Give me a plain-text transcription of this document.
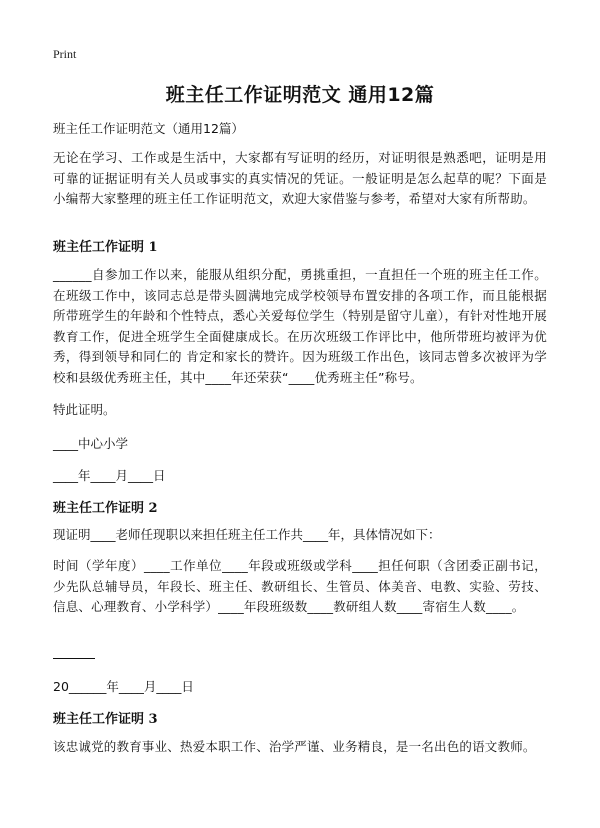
Print
班主任工作证明范文 通用12篇
班主任工作证明范文（通用12篇）
无论在学习、工作或是生活中，大家都有写证明的经历，对证明很是熟悉吧，证明是用可靠的证据证明有关人员或事实的真实情况的凭证。一般证明是怎么起草的呢？下面是小编帮大家整理的班主任工作证明范文，欢迎大家借鉴与参考，希望对大家有所帮助。
班主任工作证明 1
______自参加工作以来，能服从组织分配，勇挑重担，一直担任一个班的班主任工作。在班级工作中，该同志总是带头圆满地完成学校领导布置安排的各项工作，而且能根据所带班学生的年龄和个性特点，悉心关爱每位学生（特别是留守儿童），有针对性地开展教育工作，促进全班学生全面健康成长。在历次班级工作评比中，他所带班均被评为优秀，得到领导和同仁的 肯定和家长的赞许。因为班级工作出色，该同志曾多次被评为学校和县级优秀班主任，其中____年还荣获“____优秀班主任”称号。
特此证明。
____中心小学
____年____月____日
班主任工作证明 2
现证明____老师任现职以来担任班主任工作共____年，具体情况如下：
时间（学年度）____工作单位____年段或班级或学科____担任何职（含团委正副书记，少先队总辅导员，年段长、班主任、教研组长、生管员、体美音、电教、实验、劳技、信息、心理教育、小学科学）____年段班级数____教研组人数____寄宿生人数____。
20______年____月____日
班主任工作证明 3
该忠诚党的教育事业、热爱本职工作、治学严谨、业务精良，是一名出色的语文教师。
